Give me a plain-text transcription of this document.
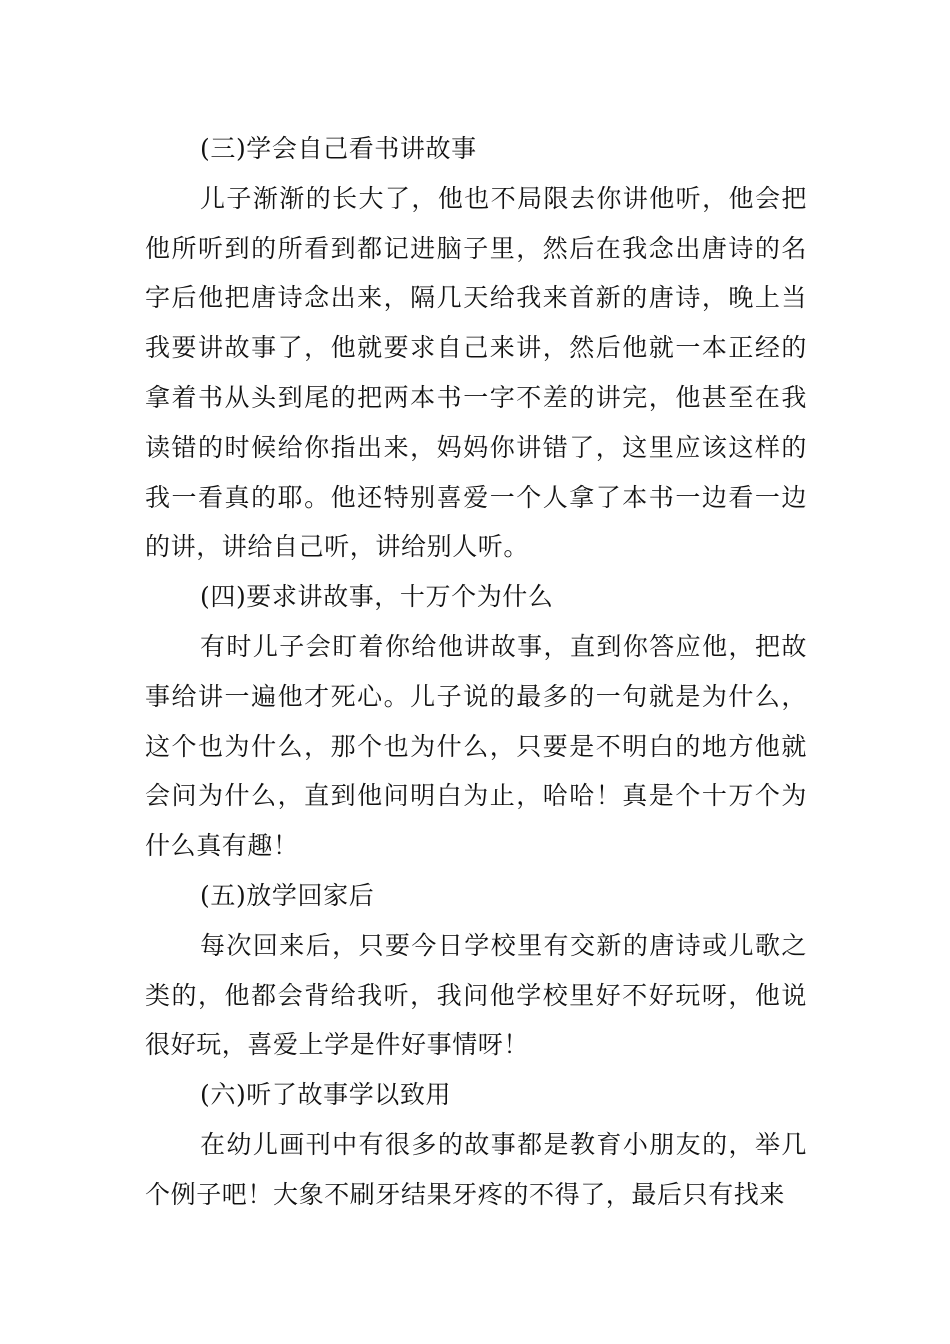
(三)学会自己看书讲故事

儿子渐渐的长大了，他也不局限去你讲他听，他会把他所听到的所看到都记进脑子里，然后在我念出唐诗的名字后他把唐诗念出来，隔几天给我来首新的唐诗，晚上当我要讲故事了，他就要求自己来讲，然后他就一本正经的拿着书从头到尾的把两本书一字不差的讲完，他甚至在我读错的时候给你指出来，妈妈你讲错了，这里应该这样的我一看真的耶。他还特别喜爱一个人拿了本书一边看一边的讲，讲给自己听，讲给别人听。

(四)要求讲故事，十万个为什么

有时儿子会盯着你给他讲故事，直到你答应他，把故事给讲一遍他才死心。儿子说的最多的一句就是为什么，这个也为什么，那个也为什么，只要是不明白的地方他就会问为什么，直到他问明白为止，哈哈！真是个十万个为什么真有趣！

(五)放学回家后

每次回来后，只要今日学校里有交新的唐诗或儿歌之类的，他都会背给我听，我问他学校里好不好玩呀，他说很好玩，喜爱上学是件好事情呀！

(六)听了故事学以致用

在幼儿画刊中有很多的故事都是教育小朋友的，举几个例子吧！大象不刷牙结果牙疼的不得了，最后只有找来
